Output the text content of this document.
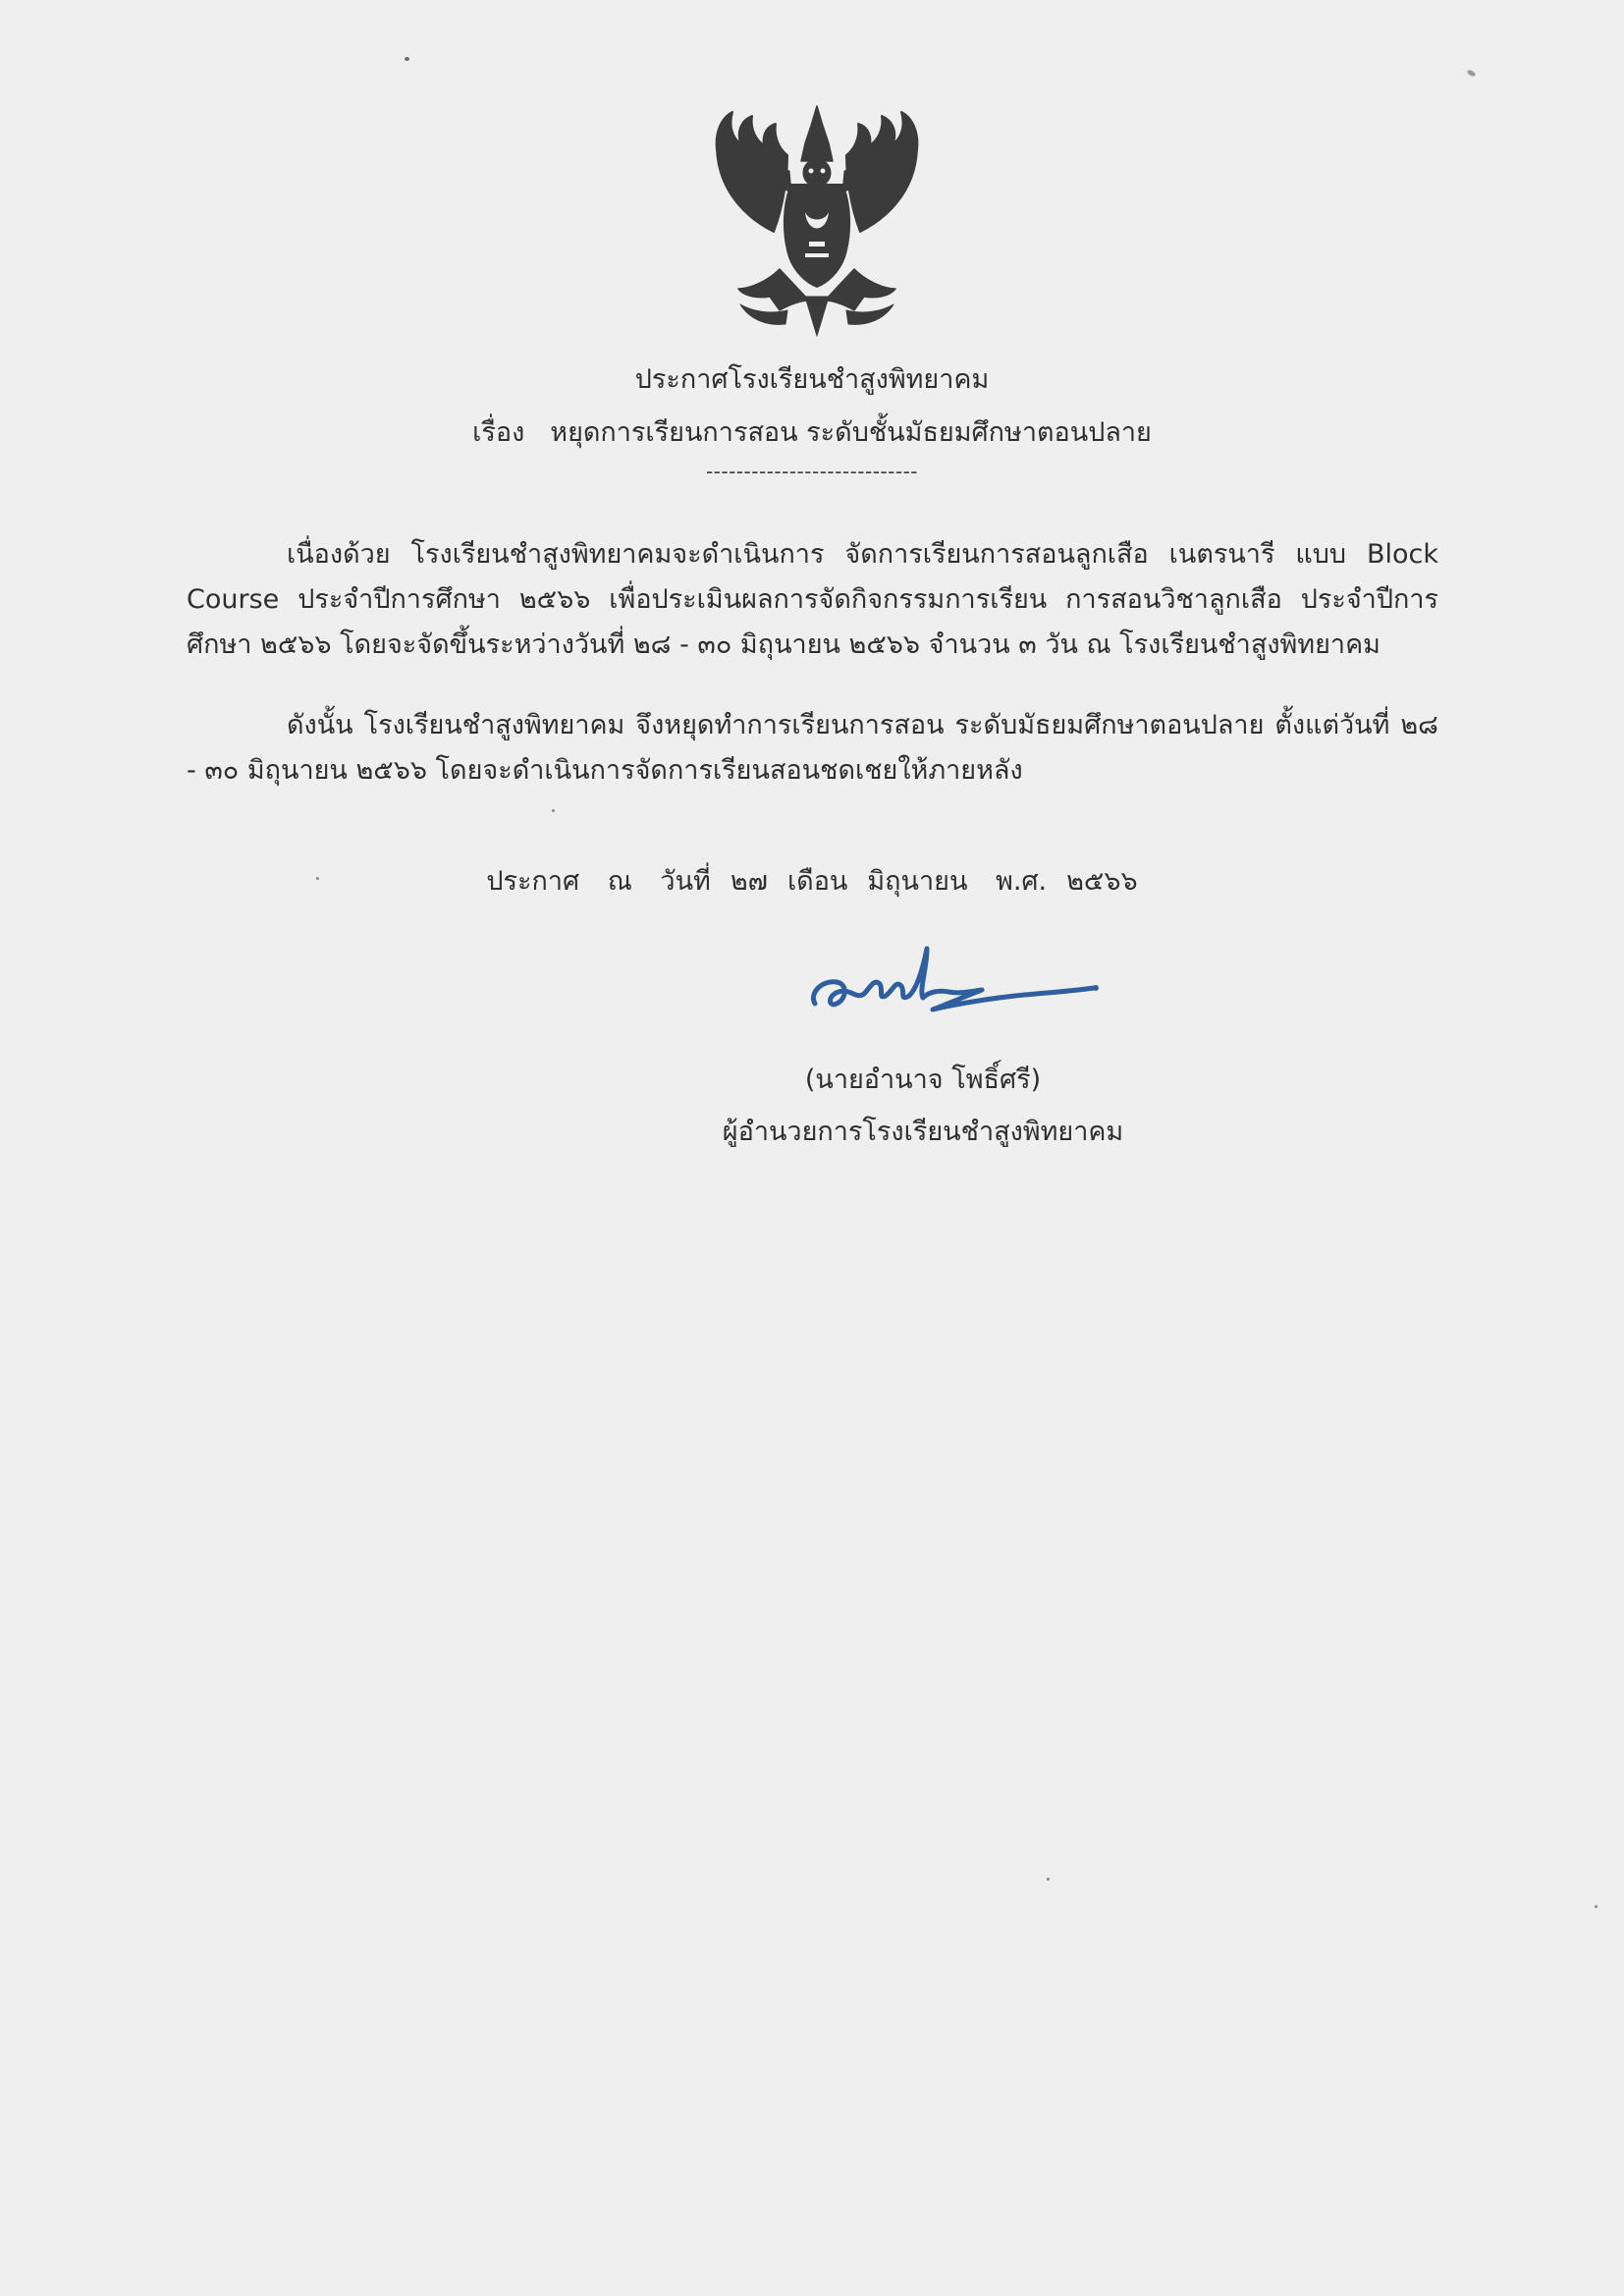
ประกาศโรงเรียนชำสูงพิทยาคม
เรื่อง หยุดการเรียนการสอน ระดับชั้นมัธยมศึกษาตอนปลาย
----------------------------
เนื่องด้วย โรงเรียนชำสูงพิทยาคมจะดำเนินการ จัดการเรียนการสอนลูกเสือ เนตรนารี แบบ Block Course ประจำปีการศึกษา ๒๕๖๖ เพื่อประเมินผลการจัดกิจกรรมการเรียน การสอนวิชาลูกเสือ ประจำปีการศึกษา ๒๕๖๖ โดยจะจัดขึ้นระหว่างวันที่ ๒๘ - ๓๐ มิถุนายน ๒๕๖๖ จำนวน ๓ วัน ณ โรงเรียนชำสูงพิทยาคม
ดังนั้น โรงเรียนชำสูงพิทยาคม จึงหยุดทำการเรียนการสอน ระดับมัธยมศึกษาตอนปลาย ตั้งแต่วันที่ ๒๘ - ๓๐ มิถุนายน ๒๕๖๖ โดยจะดำเนินการจัดการเรียนสอนชดเชยให้ภายหลัง
ประกาศ ณ วันที่ ๒๗ เดือน มิถุนายน พ.ศ. ๒๕๖๖
(นายอำนาจ โพธิ์ศรี)
ผู้อำนวยการโรงเรียนชำสูงพิทยาคม
